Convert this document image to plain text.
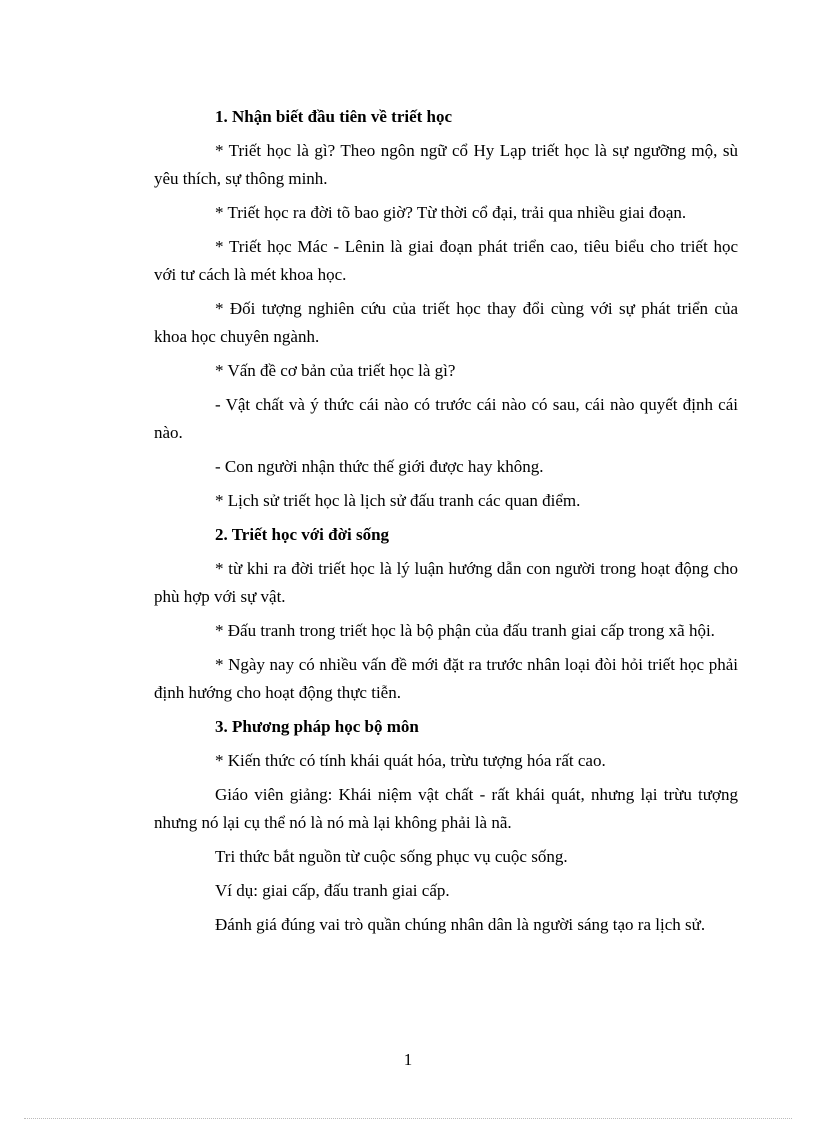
1. Nhận biết đầu tiên về triết học

* Triết học là gì? Theo ngôn ngữ cổ Hy Lạp triết học là sự ngưỡng mộ, sù yêu thích, sự thông minh.

* Triết học ra đời tõ bao giờ? Từ thời cổ đại, trải qua nhiều giai đoạn.

* Triết học Mác - Lênin là giai đoạn phát triển cao, tiêu biểu cho triết học với tư cách là mét khoa học.

* Đối tượng nghiên cứu của triết học thay đổi cùng với sự phát triển của khoa học chuyên ngành.

* Vấn đề cơ bản của triết học là gì?

- Vật chất và ý thức cái nào có trước cái nào có sau, cái nào quyết định cái nào.

- Con người nhận thức thế giới được hay không.

* Lịch sử triết học là lịch sử đấu tranh các quan điểm.

2. Triết học với đời sống

* từ khi ra đời triết học là lý luận hướng dẫn con người trong hoạt động cho phù hợp với sự vật.

* Đấu tranh trong triết học là bộ phận của đấu tranh giai cấp trong xã hội.

* Ngày nay có nhiều vấn đề mới đặt ra trước nhân loại đòi hỏi triết học phải định hướng cho hoạt động thực tiễn.

3. Phương pháp học bộ môn

* Kiến thức có tính khái quát hóa, trừu tượng hóa rất cao.

Giáo viên giảng: Khái niệm vật chất - rất khái quát, nhưng lại trừu tượng nhưng nó lại cụ thể nó là nó mà lại không phải là nã.

Tri thức bắt nguồn từ cuộc sống phục vụ cuộc sống.

Ví dụ: giai cấp, đấu tranh giai cấp.

Đánh giá đúng vai trò quần chúng nhân dân là người sáng tạo ra lịch sử.

1
